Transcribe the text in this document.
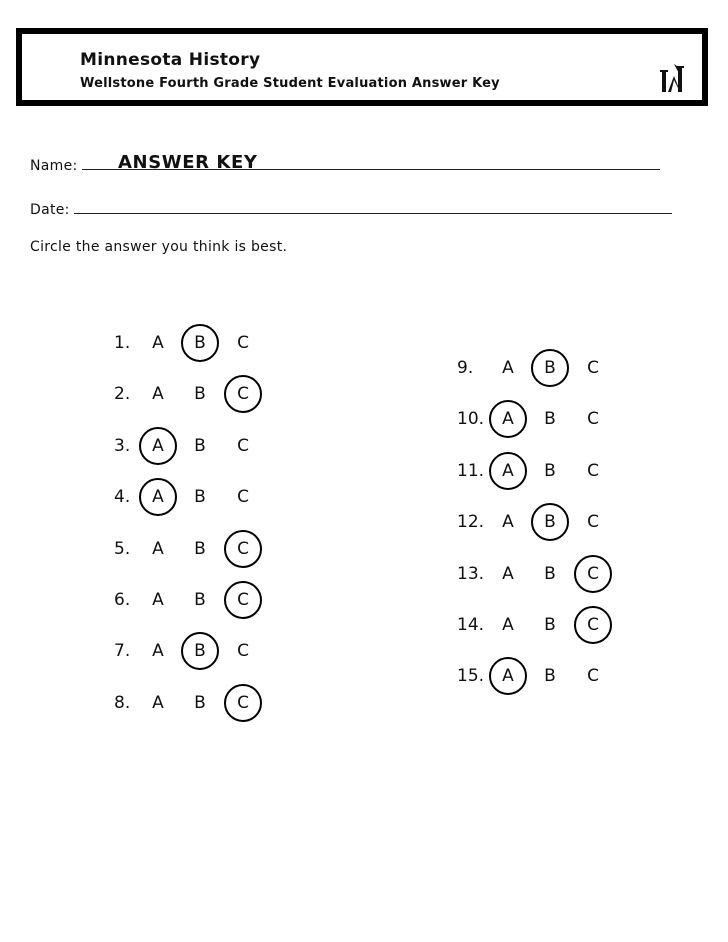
Minnesota History
Wellstone Fourth Grade Student Evaluation Answer Key
Name:	ANSWER KEY
Date:
Circle the answer you think is best.
1. A B C
2. A B C
3. A B C
4. A B C
5. A B C
6. A B C
7. A B C
8. A B C
9. A B C
10. A B C
11. A B C
12. A B C
13. A B C
14. A B C
15. A B C
